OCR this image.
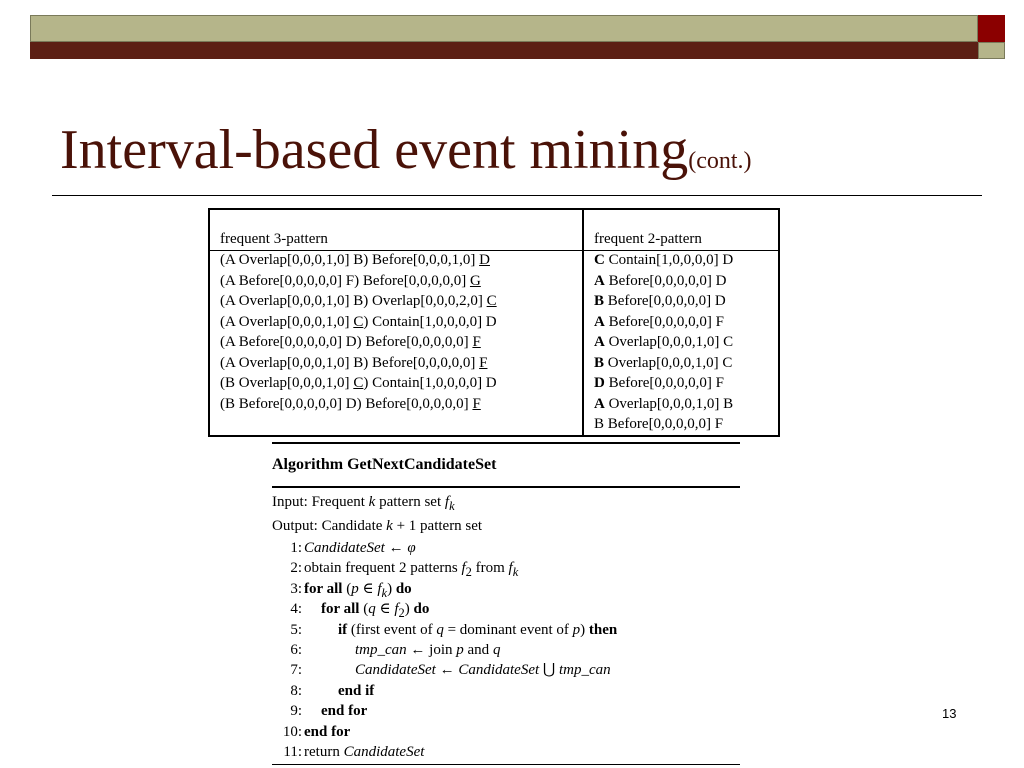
Interval-based event mining(cont.)
frequent 3-pattern
(A Overlap[0,0,0,1,0] B) Before[0,0,0,1,0] D
(A Before[0,0,0,0,0] F) Before[0,0,0,0,0] G
(A Overlap[0,0,0,1,0] B) Overlap[0,0,0,2,0] C
(A Overlap[0,0,0,1,0] C) Contain[1,0,0,0,0] D
(A Before[0,0,0,0,0] D) Before[0,0,0,0,0] F
(A Overlap[0,0,0,1,0] B) Before[0,0,0,0,0] F
(B Overlap[0,0,0,1,0] C) Contain[1,0,0,0,0] D
(B Before[0,0,0,0,0] D) Before[0,0,0,0,0] F
frequent 2-pattern
C Contain[1,0,0,0,0] D
A Before[0,0,0,0,0] D
B Before[0,0,0,0,0] D
A Before[0,0,0,0,0] F
A Overlap[0,0,0,1,0] C
B Overlap[0,0,0,1,0] C
D Before[0,0,0,0,0] F
A Overlap[0,0,0,1,0] B
B Before[0,0,0,0,0] F
Algorithm GetNextCandidateSet
Input: Frequent k pattern set $f_k$
Output: Candidate k + 1 pattern set
1: CandidateSet ← φ
2: obtain frequent 2 patterns $f_2$ from $f_k$
3: for all (p ∈ $f_k$) do
4: for all (q ∈ $f_2$) do
5: if (first event of q = dominant event of p) then
6:	tmp_can ← join p and q
7:	CandidateSet ← CandidateSet ⋃ tmp_can
8: end if
9: end for
10: end for
11: return CandidateSet
13
